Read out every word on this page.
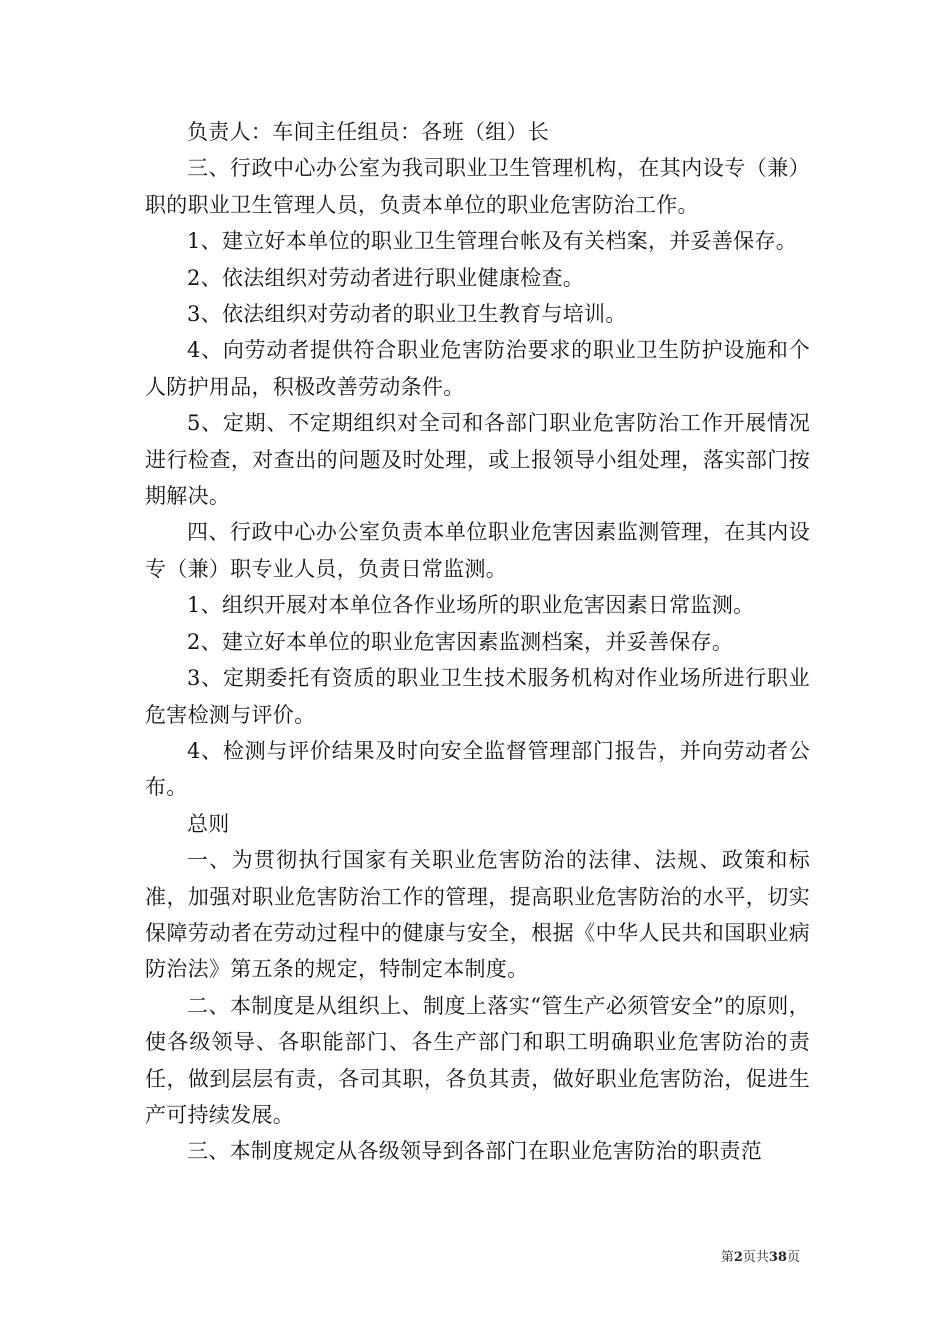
负责人：车间主任组员：各班（组）长

三、行政中心办公室为我司职业卫生管理机构，在其内设专（兼）职的职业卫生管理人员，负责本单位的职业危害防治工作。

1、建立好本单位的职业卫生管理台帐及有关档案，并妥善保存。

2、依法组织对劳动者进行职业健康检查。

3、依法组织对劳动者的职业卫生教育与培训。

4、向劳动者提供符合职业危害防治要求的职业卫生防护设施和个人防护用品，积极改善劳动条件。

5、定期、不定期组织对全司和各部门职业危害防治工作开展情况进行检查，对查出的问题及时处理，或上报领导小组处理，落实部门按期解决。

四、行政中心办公室负责本单位职业危害因素监测管理，在其内设专（兼）职专业人员，负责日常监测。

1、组织开展对本单位各作业场所的职业危害因素日常监测。

2、建立好本单位的职业危害因素监测档案，并妥善保存。

3、定期委托有资质的职业卫生技术服务机构对作业场所进行职业危害检测与评价。

4、检测与评价结果及时向安全监督管理部门报告，并向劳动者公布。

总则

一、为贯彻执行国家有关职业危害防治的法律、法规、政策和标准，加强对职业危害防治工作的管理，提高职业危害防治的水平，切实保障劳动者在劳动过程中的健康与安全，根据《中华人民共和国职业病防治法》第五条的规定，特制定本制度。

二、本制度是从组织上、制度上落实“管生产必须管安全”的原则，使各级领导、各职能部门、各生产部门和职工明确职业危害防治的责任，做到层层有责，各司其职，各负其责，做好职业危害防治，促进生产可持续发展。

三、本制度规定从各级领导到各部门在职业危害防治的职责范

第2页共38页
